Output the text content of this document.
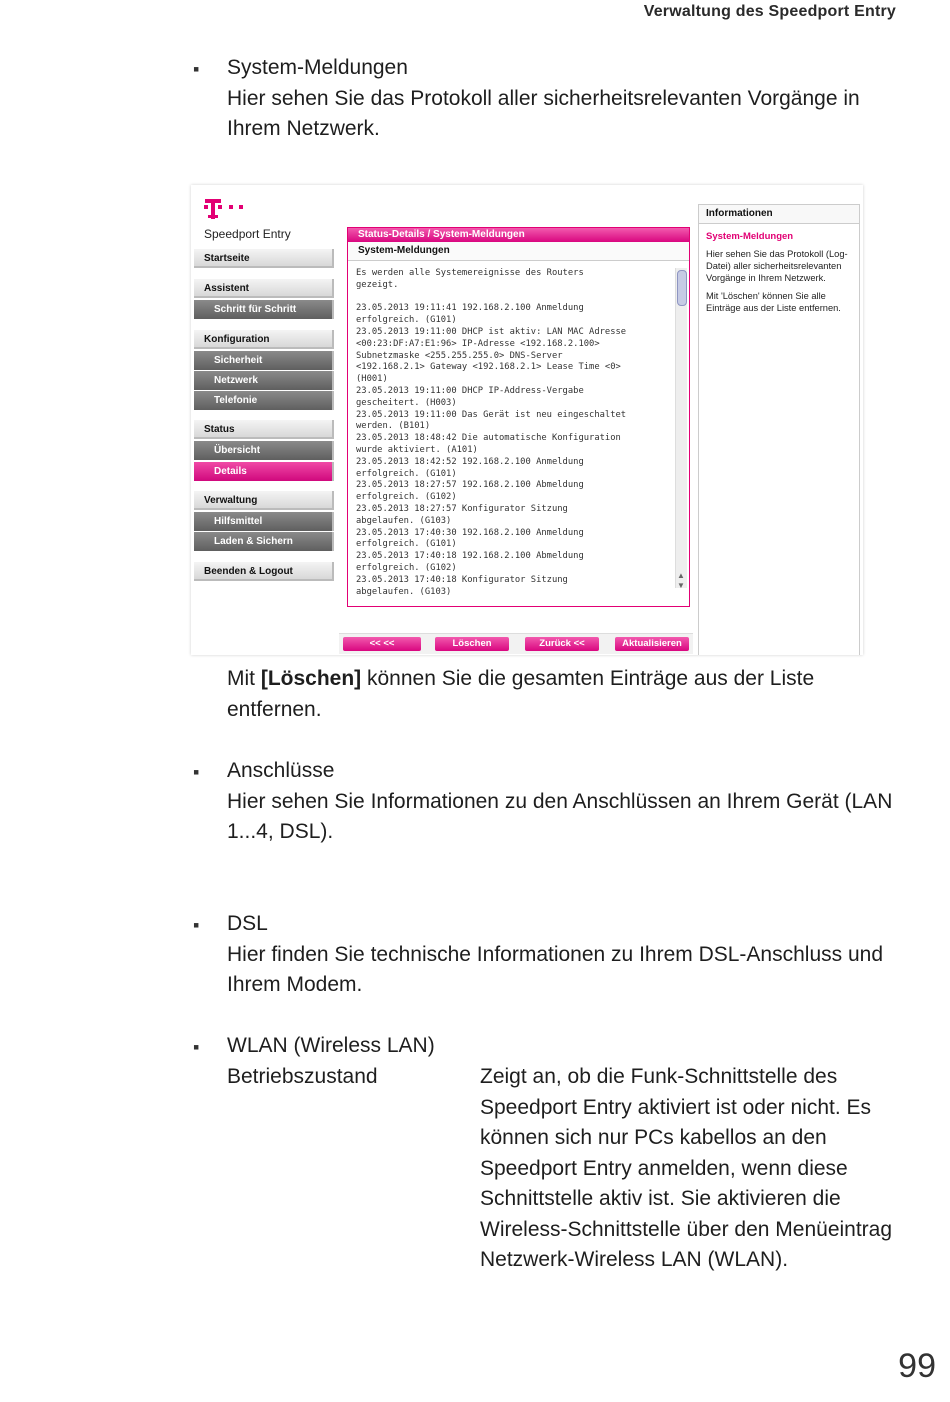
Verwaltung des Speedport Entry
▪ System-Meldungen
Hier sehen Sie das Protokoll aller sicherheitsrelevanten Vorgänge in
Ihrem Netzwerk.
Speedport Entry
Startseite
Assistent
Schritt für Schritt
Konfiguration
Sicherheit
Netzwerk
Telefonie
Status
Übersicht
Details
Verwaltung
Hilfsmittel
Laden & Sichern
Beenden & Logout
Status-Details / System-Meldungen
System-Meldungen
Es werden alle Systemereignisse des Routers
gezeigt.

23.05.2013 19:11:41 192.168.2.100 Anmeldung
erfolgreich. (G101)
23.05.2013 19:11:00 DHCP ist aktiv: LAN MAC Adresse
<00:23:DF:A7:E1:96> IP-Adresse <192.168.2.100>
Subnetzmaske <255.255.255.0> DNS-Server
<192.168.2.1> Gateway <192.168.2.1> Lease Time <0>
(H001)
23.05.2013 19:11:00 DHCP IP-Address-Vergabe
gescheitert. (H003)
23.05.2013 19:11:00 Das Gerät ist neu eingeschaltet
werden. (B101)
23.05.2013 18:48:42 Die automatische Konfiguration
wurde aktiviert. (A101)
23.05.2013 18:42:52 192.168.2.100 Anmeldung
erfolgreich. (G101)
23.05.2013 18:27:57 192.168.2.100 Abmeldung
erfolgreich. (G102)
23.05.2013 18:27:57 Konfigurator Sitzung
abgelaufen. (G103)
23.05.2013 17:40:30 192.168.2.100 Anmeldung
erfolgreich. (G101)
23.05.2013 17:40:18 192.168.2.100 Abmeldung
erfolgreich. (G102)
23.05.2013 17:40:18 Konfigurator Sitzung
abgelaufen. (G103)
▲
▼
<< <<	Löschen	Zurück <<	Aktualisieren
Informationen
System-Meldungen
Hier sehen Sie das Protokoll (Log-Datei) aller sicherheitsrelevanten Vorgänge in Ihrem Netzwerk.
Mit 'Löschen' können Sie alle Einträge aus der Liste entfernen.
Mit [Löschen] können Sie die gesamten Einträge aus der Liste
entfernen.
▪ Anschlüsse
Hier sehen Sie Informationen zu den Anschlüssen an Ihrem Gerät (LAN
1...4, DSL).
▪ DSL
Hier finden Sie technische Informationen zu Ihrem DSL-Anschluss und
Ihrem Modem.
▪ WLAN (Wireless LAN)
Betriebszustand	Zeigt an, ob die Funk-Schnittstelle des
Speedport Entry aktiviert ist oder nicht. Es
können sich nur PCs kabellos an den
Speedport Entry anmelden, wenn diese
Schnittstelle aktiv ist. Sie aktivieren die
Wireless-Schnittstelle über den Menüeintrag
Netzwerk-Wireless LAN (WLAN).
99
